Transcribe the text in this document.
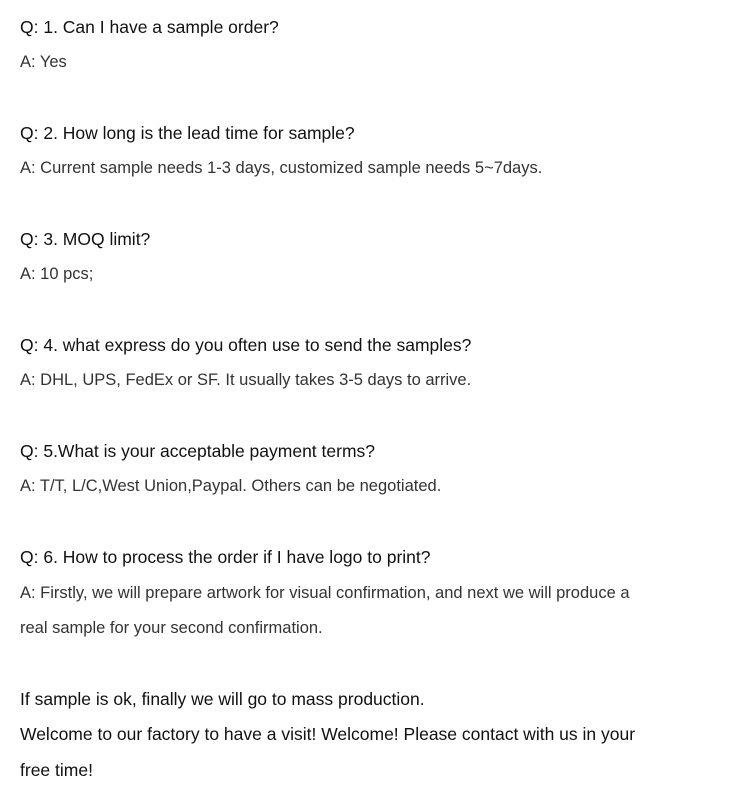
Q: 1. Can I have a sample order?
A: Yes
Q: 2. How long is the lead time for sample?
A: Current sample needs 1-3 days, customized sample needs 5~7days.
Q: 3. MOQ limit?
A: 10 pcs;
Q: 4. what express do you often use to send the samples?
A: DHL, UPS, FedEx or SF. It usually takes 3-5 days to arrive.
Q: 5.What is your acceptable payment terms?
A: T/T, L/C,West Union,Paypal. Others can be negotiated.
Q: 6. How to process the order if I have logo to print?
A: Firstly, we will prepare artwork for visual confirmation, and next we will produce a
real sample for your second confirmation.
If sample is ok, finally we will go to mass production.
Welcome to our factory to have a visit! Welcome! Please contact with us in your
free time!
